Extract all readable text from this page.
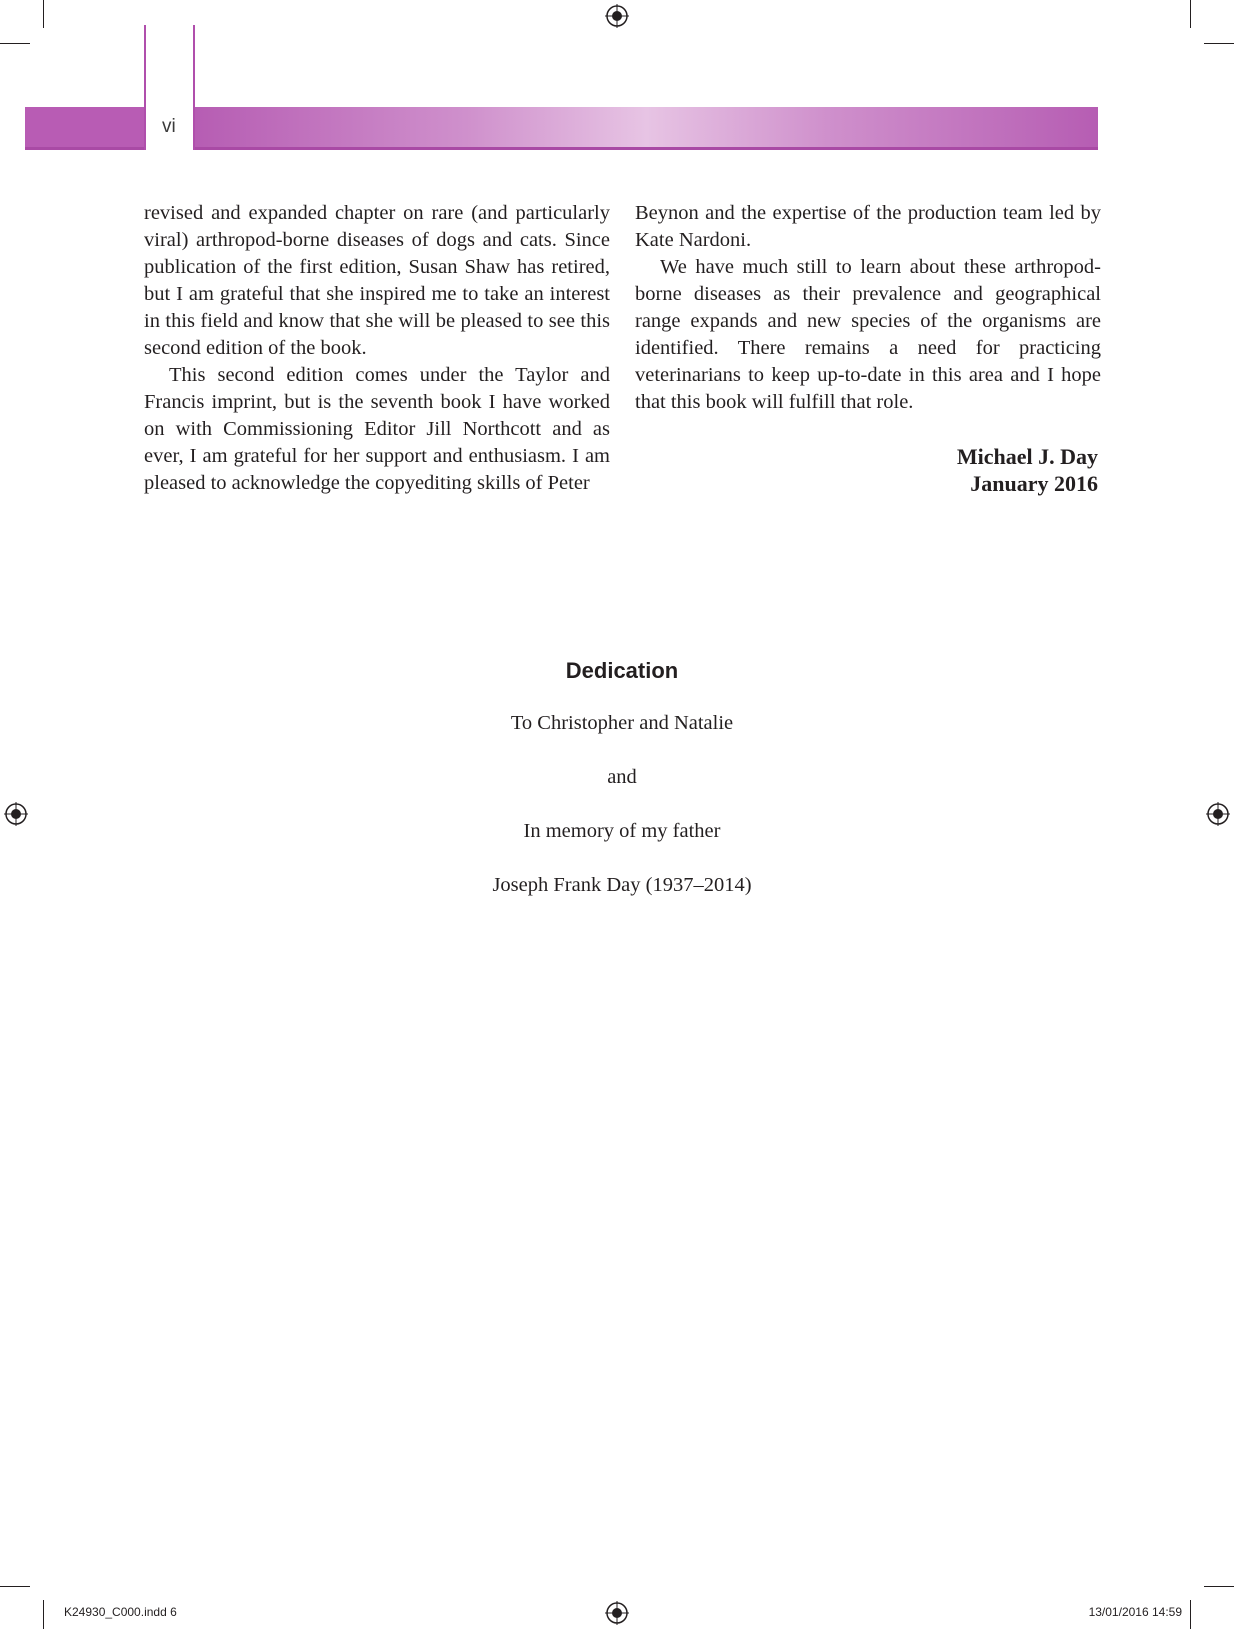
vi

revised and expanded chapter on rare (and particularly viral) arthropod-borne diseases of dogs and cats. Since publication of the first edition, Susan Shaw has retired, but I am grateful that she inspired me to take an interest in this field and know that she will be pleased to see this second edition of the book.

This second edition comes under the Taylor and Francis imprint, but is the seventh book I have worked on with Commissioning Editor Jill Northcott and as ever, I am grateful for her support and enthusiasm. I am pleased to acknowledge the copyediting skills of Peter

Beynon and the expertise of the production team led by Kate Nardoni.

We have much still to learn about these arthropod-borne diseases as their prevalence and geographical range expands and new species of the organisms are identified. There remains a need for practicing veterinarians to keep up-to-date in this area and I hope that this book will fulfill that role.

Michael J. Day
January 2016

Dedication

To Christopher and Natalie

and

In memory of my father

Joseph Frank Day (1937–2014)

K24930_C000.indd 6	13/01/2016 14:59
